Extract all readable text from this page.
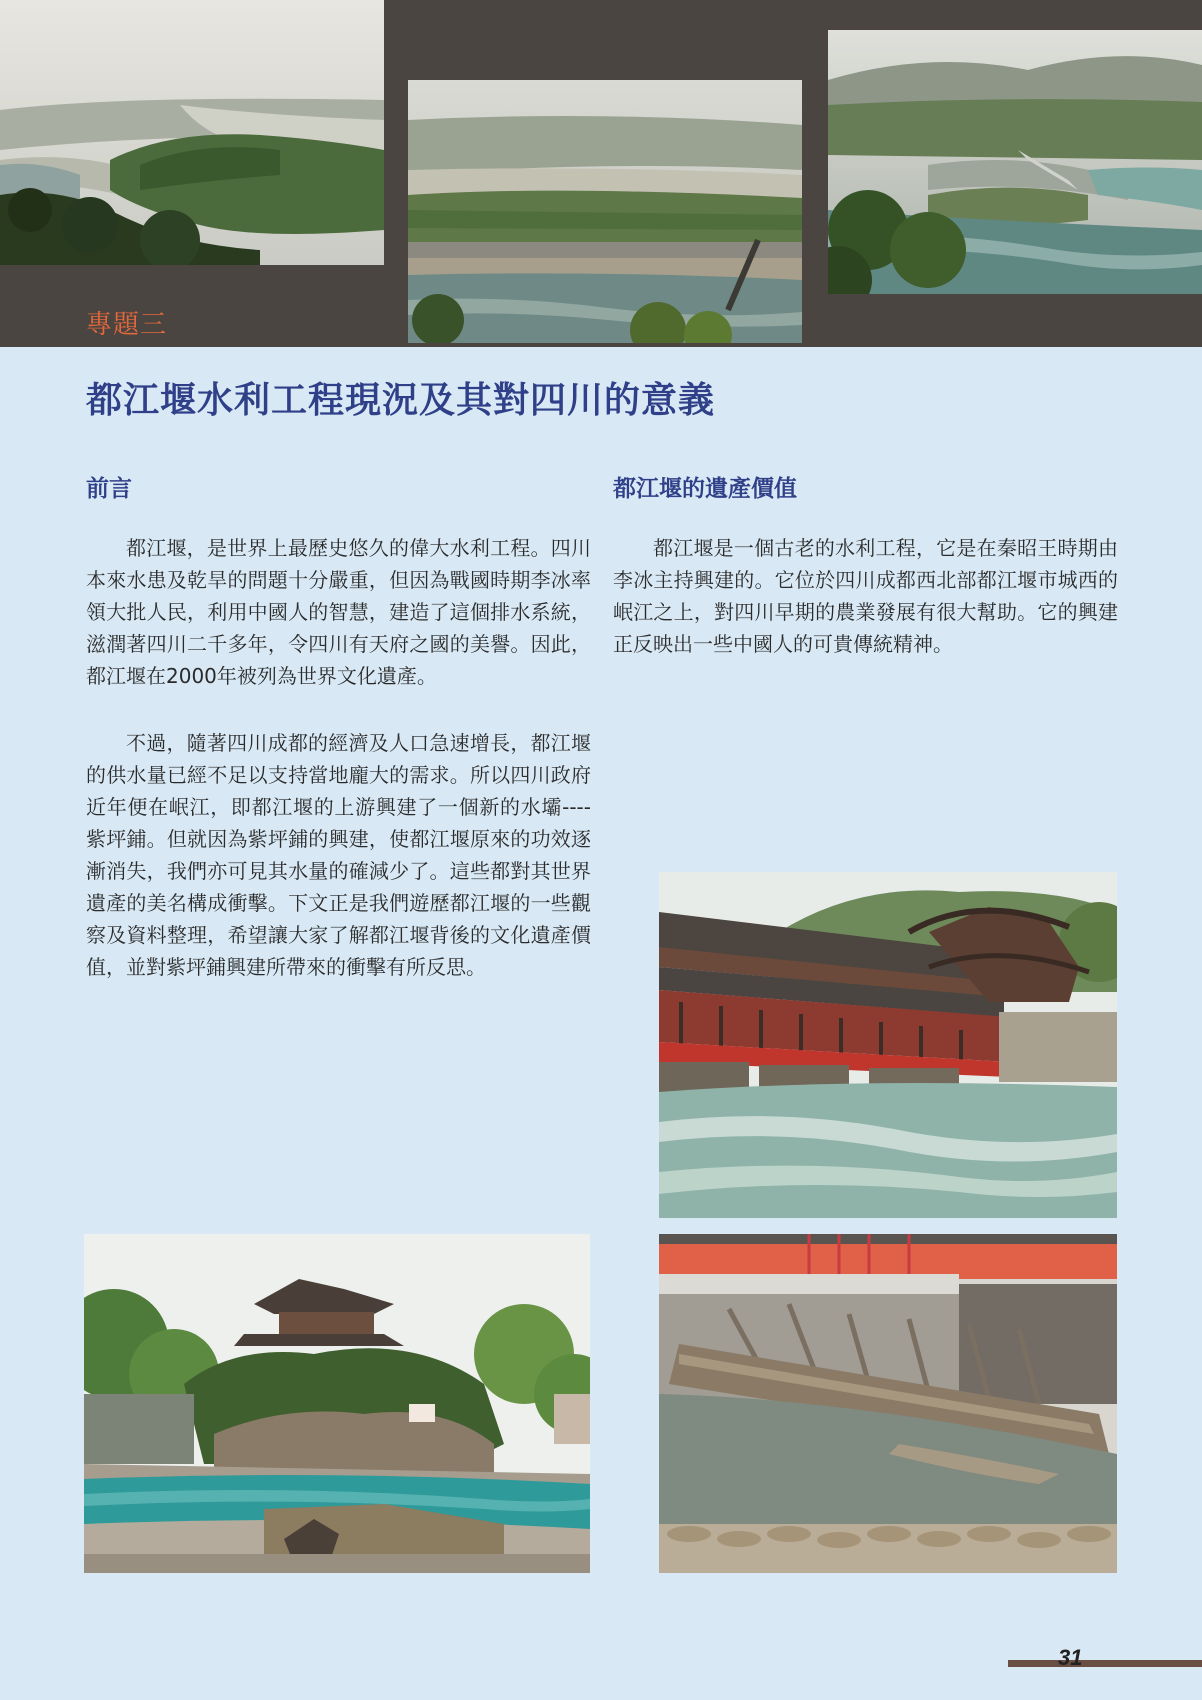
專題三
都江堰水利工程現況及其對四川的意義
前言	都江堰的遺產價值
都江堰，是世界上最歷史悠久的偉大水利工程。四川本來水患及乾旱的問題十分嚴重，但因為戰國時期李冰率領大批人民，利用中國人的智慧，建造了這個排水系統，滋潤著四川二千多年，令四川有天府之國的美譽。因此，都江堰在2000年被列為世界文化遺產。
不過，隨著四川成都的經濟及人口急速增長，都江堰的供水量已經不足以支持當地龐大的需求。所以四川政府近年便在岷江，即都江堰的上游興建了一個新的水壩----紫坪鋪。但就因為紫坪鋪的興建，使都江堰原來的功效逐漸消失，我們亦可見其水量的確減少了。這些都對其世界遺產的美名構成衝擊。下文正是我們遊歷都江堰的一些觀察及資料整理，希望讓大家了解都江堰背後的文化遺產價值，並對紫坪鋪興建所帶來的衝擊有所反思。
都江堰是一個古老的水利工程，它是在秦昭王時期由李冰主持興建的。它位於四川成都西北部都江堰市城西的岷江之上，對四川早期的農業發展有很大幫助。它的興建正反映出一些中國人的可貴傳統精神。
31
